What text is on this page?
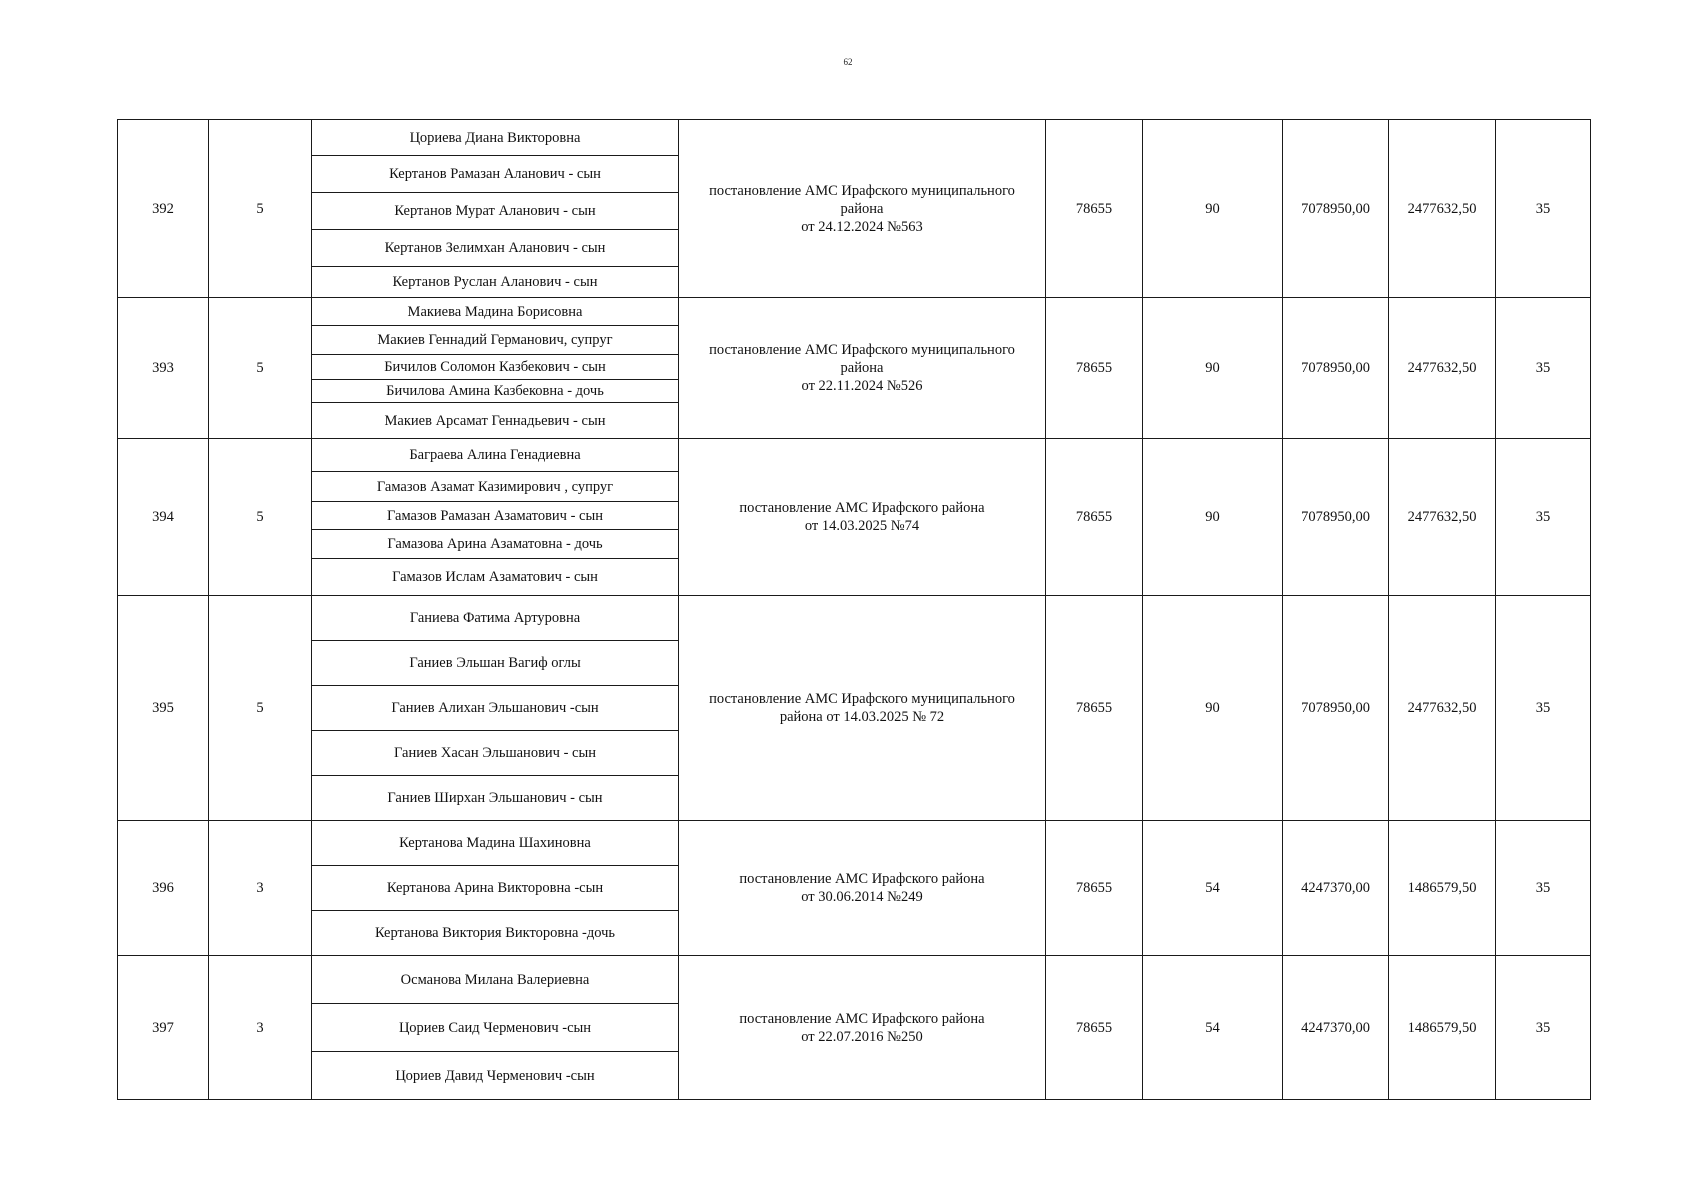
62
392	5	Цориева Диана Викторовна	постановление АМС Ирафского муниципального
района
от 24.12.2024 №563	78655	90	7078950,00	2477632,50	35
		Кертанов Рамазан Аланович - сын						
		Кертанов Мурат Аланович - сын						
		Кертанов Зелимхан Аланович - сын						
		Кертанов Руслан Аланович - сын						
393	5	Макиева Мадина Борисовна	постановление АМС Ирафского муниципального
района
от 22.11.2024 №526	78655	90	7078950,00	2477632,50	35
		Макиев Геннадий Германович, супруг						
		Бичилов Соломон Казбекович - сын						
		Бичилова Амина Казбековна - дочь						
		Макиев Арсамат Геннадьевич - сын						
394	5	Баграева Алина Генадиевна	постановление АМС Ирафского района
от 14.03.2025 №74	78655	90	7078950,00	2477632,50	35
		Гамазов Азамат Казимирович , супруг						
		Гамазов Рамазан Азаматович - сын						
		Гамазова Арина Азаматовна - дочь						
		Гамазов Ислам Азаматович - сын						
395	5	Ганиева Фатима Артуровна	постановление АМС Ирафского муниципального
района от 14.03.2025 № 72	78655	90	7078950,00	2477632,50	35
		Ганиев Эльшан Вагиф оглы						
		Ганиев Алихан Эльшанович -сын						
		Ганиев Хасан Эльшанович - сын						
		Ганиев Ширхан Эльшанович - сын						
396	3	Кертанова Мадина Шахиновна	постановление АМС Ирафского района
от 30.06.2014 №249	78655	54	4247370,00	1486579,50	35
		Кертанова Арина Викторовна -сын						
		Кертанова Виктория Викторовна -дочь						
397	3	Османова Милана Валериевна	постановление АМС Ирафского района
от 22.07.2016 №250	78655	54	4247370,00	1486579,50	35
		Цориев Саид Черменович -сын						
		Цориев Давид Черменович -сын						
